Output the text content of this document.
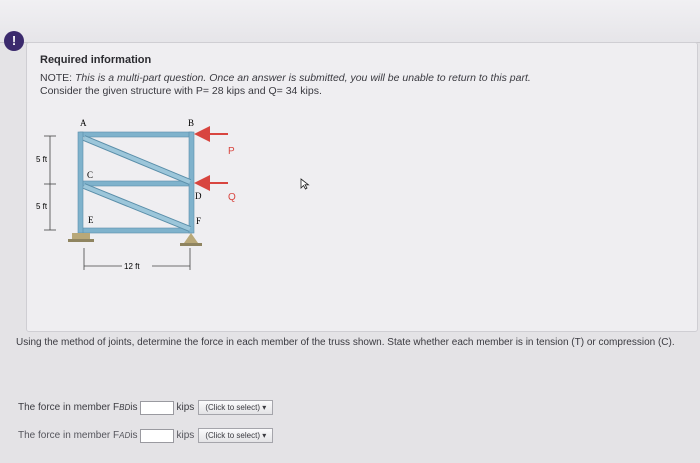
!
Required information
NOTE: This is a multi-part question. Once an answer is submitted, you will be unable to return to this part.
Consider the given structure with P= 28 kips and Q= 34 kips.
A	B
C
D
E	F
P
Q
5 ft
5 ft
12 ft
Using the method of joints, determine the force in each member of the truss shown. State whether each member is in tension (T) or compression (C).
The force in member F BD is	kips	(Click to select) ▾
The force in member F AD is	kips	(Click to select) ▾
